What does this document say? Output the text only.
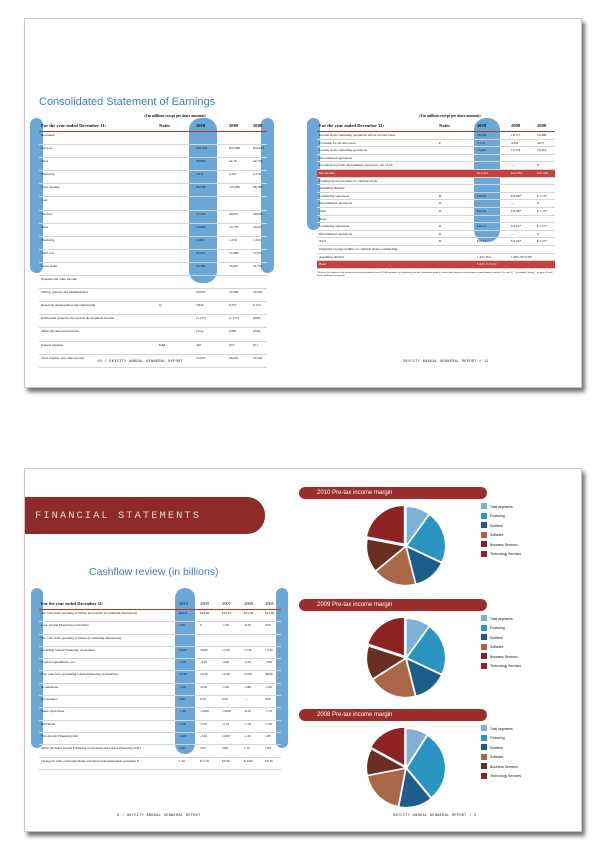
Consolidated Statement of Earnings
($ in millions except per share amounts)	($ in millions except per share amounts)
For the year ended December 31:	Notes	2010	2009	2008
Revenues
Services	$56,358	$55,090	$54,012
Sales	38,060	42,16	42,750
Financing	2,011	2,301	2,576
Total revenue	95,738	103,630	98,786
Cost
Services	37,146	40,937	39,646
Sales	13,606	15,776	16,525
Financing	1,100	1,256	1,343
Total cost	51,974	57,969	57,057
Gross profit	43,784	45,661	41,729
Expense and other income
Selling, general and administrative	20,952	23,386	22,060
Research, development and engineering	Q	5,820	6,337	6,153
Intellectual property and custom development income	(1,177)	(1,153)	(958)
Other (income) and expense	(351)	(298)	(626)
Interest expense	K&L	402	673	611
Total expense and other income	25,647	28,945	27,240
For the year ended December 31:	Notes	2010	2009	2008
Income from continuing operations before income taxes	18,138	16,715	14,489
Provision for income taxes	P	4,713	4,381	4,071
Income from continuing operations	13,425	12,334	10,418
Discontinued operations
Income/(loss) from discontinued operations, net of tax	—	8
Net income	$13,425	$12,334	$10,426
Earnings/(loss) per share of common stock:
Assuming dilution:
Continuing operations	R	$10.01	$ 8.89*	$ 7.15*
Discontinued operations	R	—	—	0
Total	R	$10.01	$ 8.89*	$ 7.15*
Basic:
Continuing operations	R	$10.12	$ 9.02*	$ 7.27*
Discontinued operations	R	—	—	0
Total	R	$10.12	$ 9.02*	$ 7.27*
Weighted-average number of common shares outstanding:
Assuming dilution	1,327,354	1,385,797,039*
Basic	1,327,157,410
*Reflects the adoption of the financial accounting standards board (FASB) guidance in determining whether instruments granted in share-based payment transactions are participating securities. See note B, "Accounting Changes," on pages 83 and 84 for additional information.
10 / SKYCITY ANNUAL GENNERAL REPORT	SKYCITY ANNUAL GENNERAL REPORT / 11
FINANCIAL STATEMENTS
Cashflow review (in billions)
For the year ended December 31:	2010	2009	2007	2008	2005
Net cash from operating activities per GAAP: (Continuing Operations)	$19.8	$18.80	$16.10	$15.00	$14.90
Less: Global Financing receivables	1.90	0	-1.30	-0.30	0.00
Net cash from operating activities (Continuing Operations),
excluding Global Financing receivables	18.00	18.80	17.40	15.20	15.20
Capital expenditures, net	-3.70	-4.20	-4.60	-4.70	-3.80
Free cash flow (excluding Global Financing receivables)	14.30	14.20	12.40	10.60	88.60
Acquisitions	-1.20	-6.30	-1.00	-3.80	-1.40
Divestitures	0.40	0.10	0.30	—	0.90
Share repurchase	-7.40	-10.60	-18.80	-8.10	-7.70
Dividends	-2.90	-2.50	-2.10	-1.70	-1.20
Non-Global Financing debt	-4.10	-3.30	10.90	-1.10	1.80
Other (includes Global Financing receivables and Global Financing debt)	3.50	3.00	3.80	1.10	1.80
Change in cash, cash equivalents and short-term marketable securities $	1.30	$-5.70	$5.20	$-0.00	$0.10
2010 Pre-tax income margin
Total segments
Financing
Systems
Software
Business Services
Technology Services
2009 Pre-tax income margin
Total segments
Financing
Systems
Software
Business Services
Technology Services
2008 Pre-tax income margin
Total segments
Financing
Systems
Software
Business Services
Technology Services
8 / SKYCITY ANNUAL GENNERAL REPORT	SKYCITY ANNUAL GENNERAL REPORT / 9
